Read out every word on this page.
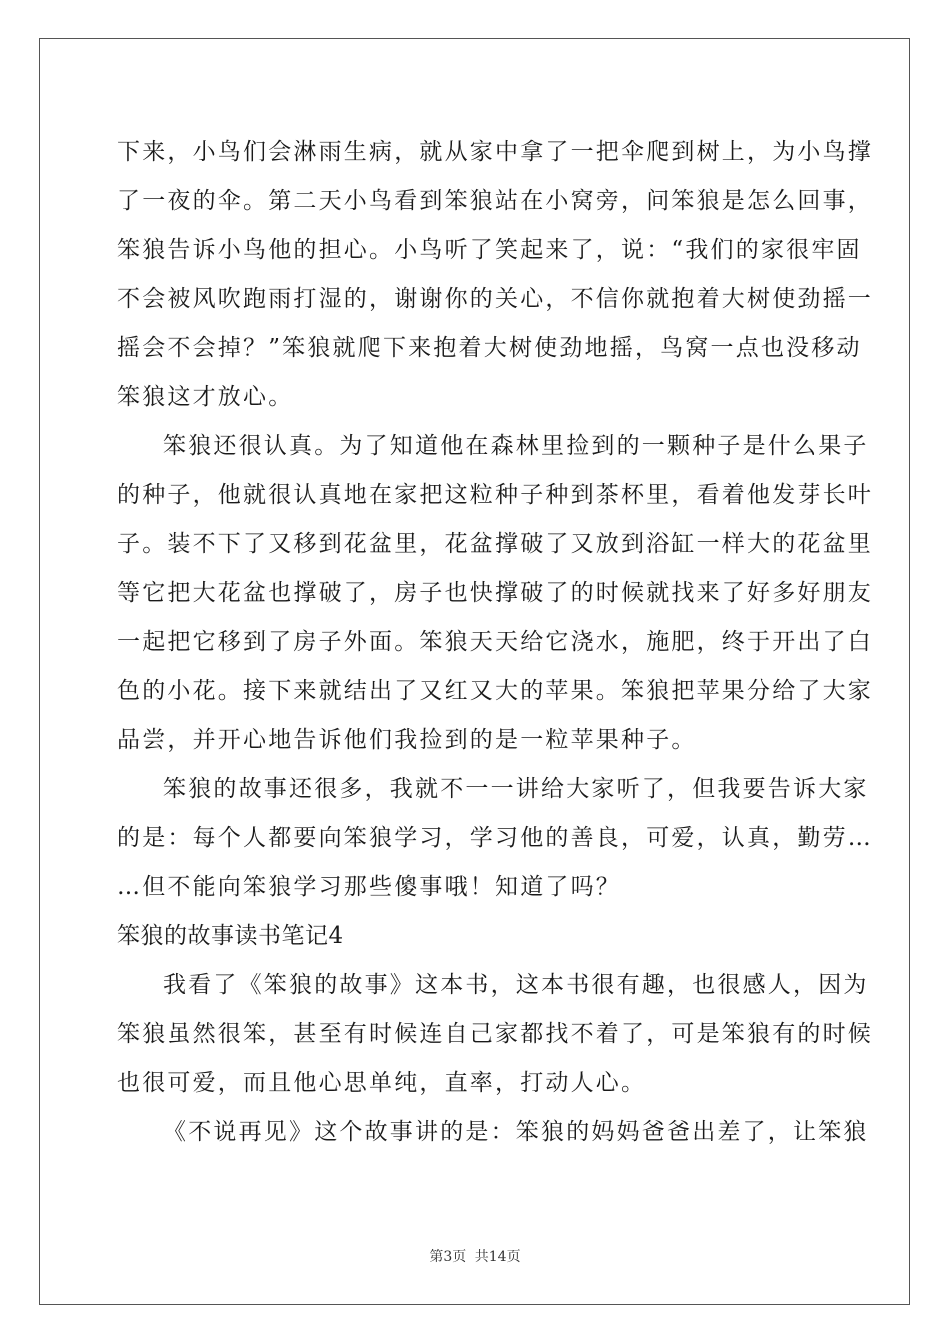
下来，小鸟们会淋雨生病，就从家中拿了一把伞爬到树上，为小鸟撑
了一夜的伞。第二天小鸟看到笨狼站在小窝旁，问笨狼是怎么回事，
笨狼告诉小鸟他的担心。小鸟听了笑起来了，说：“我们的家很牢固
不会被风吹跑雨打湿的，谢谢你的关心，不信你就抱着大树使劲摇一
摇会不会掉？”笨狼就爬下来抱着大树使劲地摇，鸟窝一点也没移动
笨狼这才放心。
笨狼还很认真。为了知道他在森林里捡到的一颗种子是什么果子
的种子，他就很认真地在家把这粒种子种到茶杯里，看着他发芽长叶
子。装不下了又移到花盆里，花盆撑破了又放到浴缸一样大的花盆里
等它把大花盆也撑破了，房子也快撑破了的时候就找来了好多好朋友
一起把它移到了房子外面。笨狼天天给它浇水，施肥，终于开出了白
色的小花。接下来就结出了又红又大的苹果。笨狼把苹果分给了大家
品尝，并开心地告诉他们我捡到的是一粒苹果种子。
笨狼的故事还很多，我就不一一讲给大家听了，但我要告诉大家
的是：每个人都要向笨狼学习，学习他的善良，可爱，认真，勤劳…
…但不能向笨狼学习那些傻事哦！知道了吗？
笨狼的故事读书笔记4
我看了《笨狼的故事》这本书，这本书很有趣，也很感人，因为
笨狼虽然很笨，甚至有时候连自己家都找不着了，可是笨狼有的时候
也很可爱，而且他心思单纯，直率，打动人心。
《不说再见》这个故事讲的是：笨狼的妈妈爸爸出差了，让笨狼
第3页 共14页
